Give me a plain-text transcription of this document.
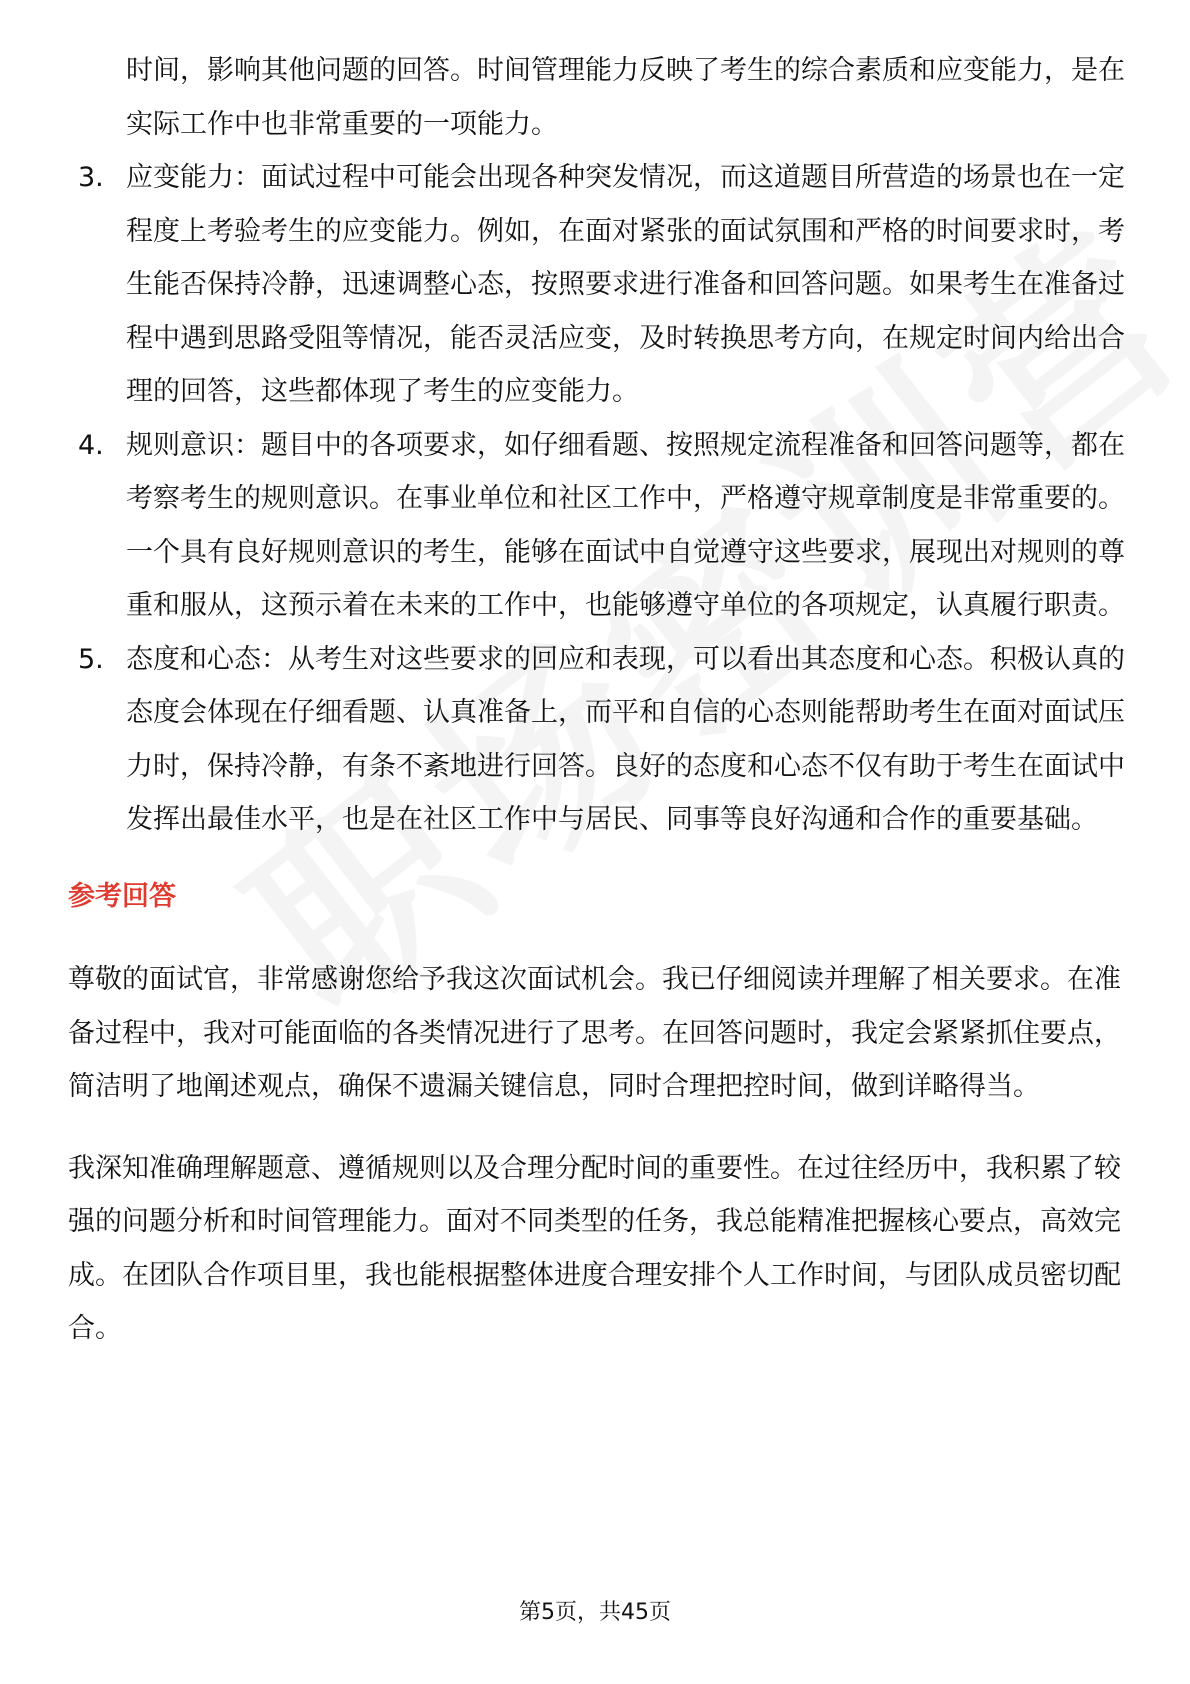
时间，影响其他问题的回答。时间管理能力反映了考生的综合素质和应变能力，是在实际工作中也非常重要的一项能力。

3. 应变能力：面试过程中可能会出现各种突发情况，而这道题目所营造的场景也在一定程度上考验考生的应变能力。例如，在面对紧张的面试氛围和严格的时间要求时，考生能否保持冷静，迅速调整心态，按照要求进行准备和回答问题。如果考生在准备过程中遇到思路受阻等情况，能否灵活应变，及时转换思考方向，在规定时间内给出合理的回答，这些都体现了考生的应变能力。
4. 规则意识：题目中的各项要求，如仔细看题、按照规定流程准备和回答问题等，都在考察考生的规则意识。在事业单位和社区工作中，严格遵守规章制度是非常重要的。一个具有良好规则意识的考生，能够在面试中自觉遵守这些要求，展现出对规则的尊重和服从，这预示着在未来的工作中，也能够遵守单位的各项规定，认真履行职责。
5. 态度和心态：从考生对这些要求的回应和表现，可以看出其态度和心态。积极认真的态度会体现在仔细看题、认真准备上，而平和自信的心态则能帮助考生在面对面试压力时，保持冷静，有条不紊地进行回答。良好的态度和心态不仅有助于考生在面试中发挥出最佳水平，也是在社区工作中与居民、同事等良好沟通和合作的重要基础。
参考回答

尊敬的面试官，非常感谢您给予我这次面试机会。我已仔细阅读并理解了相关要求。在准备过程中，我对可能面临的各类情况进行了思考。在回答问题时，我定会紧紧抓住要点，简洁明了地阐述观点，确保不遗漏关键信息，同时合理把控时间，做到详略得当。

我深知准确理解题意、遵循规则以及合理分配时间的重要性。在过往经历中，我积累了较强的问题分析和时间管理能力。面对不同类型的任务，我总能精准把握核心要点，高效完成。在团队合作项目里，我也能根据整体进度合理安排个人工作时间，与团队成员密切配合。

第5页，共45页
